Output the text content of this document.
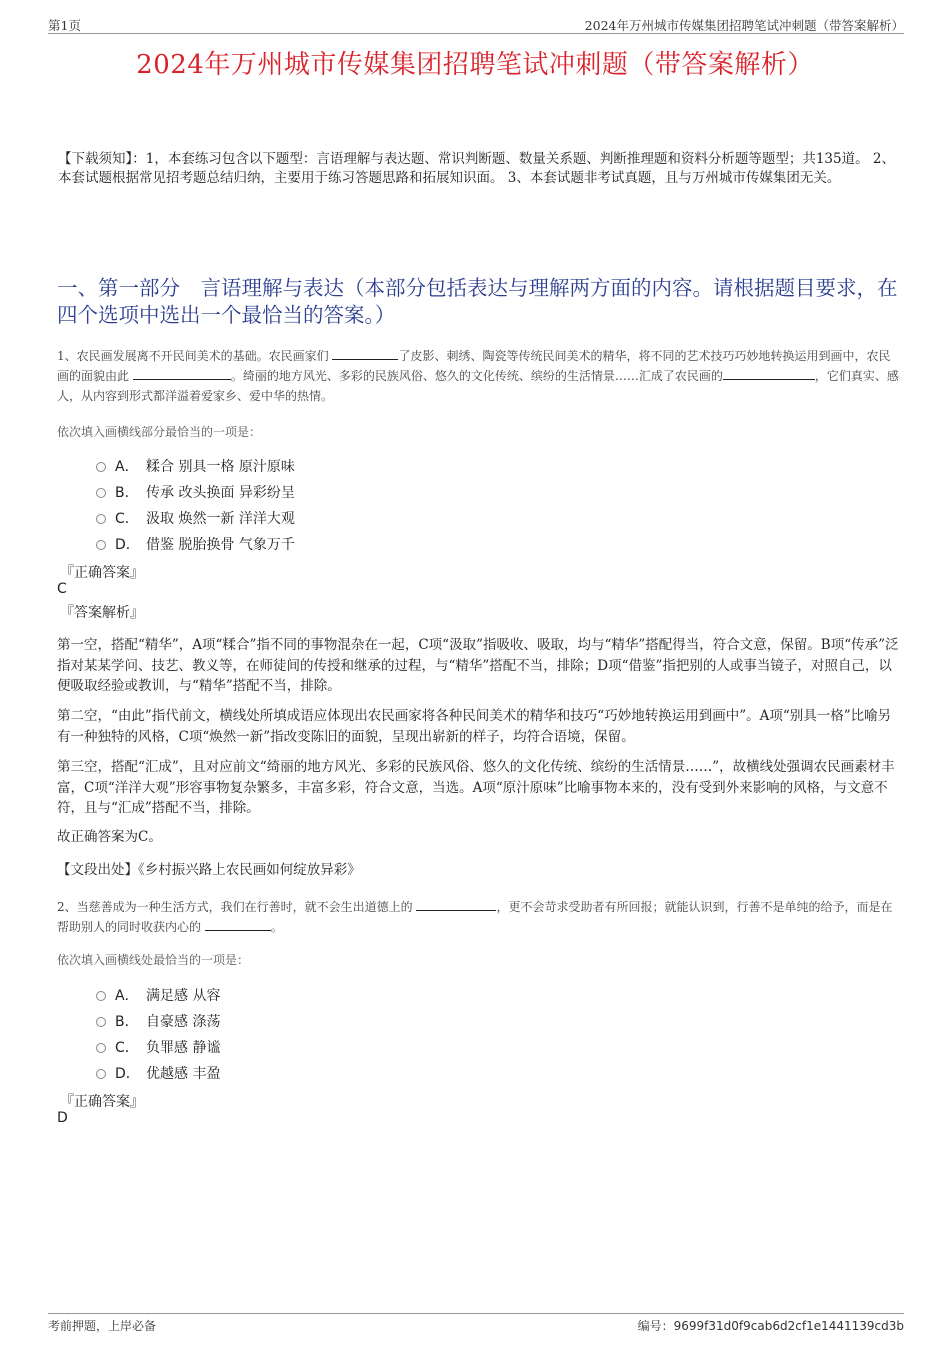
第1页	2024年万州城市传媒集团招聘笔试冲刺题（带答案解析）
2024年万州城市传媒集团招聘笔试冲刺题（带答案解析）
【下载须知】：1，本套练习包含以下题型：言语理解与表达题、常识判断题、数量关系题、判断推理题和资料分析题等题型；共135道。 2、本套试题根据常见招考题总结归纳，主要用于练习答题思路和拓展知识面。 3、本套试题非考试真题，且与万州城市传媒集团无关。
一、第一部分　言语理解与表达（本部分包括表达与理解两方面的内容。请根据题目要求，在四个选项中选出一个最恰当的答案。）
1、农民画发展离不开民间美术的基础。农民画家们	了皮影、刺绣、陶瓷等传统民间美术的精华，将不同的艺术技巧巧妙地转换运用到画中，农民画的面貌由此	。绮丽的地方风光、多彩的民族风俗、悠久的文化传统、缤纷的生活情景……汇成了农民画的	，它们真实、感人，从内容到形式都洋溢着爱家乡、爱中华的热情。
依次填入画横线部分最恰当的一项是：
A． 糅合 别具一格 原汁原味
B． 传承 改头换面 异彩纷呈
C． 汲取 焕然一新 洋洋大观
D． 借鉴 脱胎换骨 气象万千
『正确答案』
C
『答案解析』
第一空，搭配“精华”，A项“糅合”指不同的事物混杂在一起，C项“汲取”指吸收、吸取，均与“精华”搭配得当，符合文意，保留。B项“传承”泛指对某某学问、技艺、教义等，在师徒间的传授和继承的过程，与“精华”搭配不当，排除；D项“借鉴”指把别的人或事当镜子，对照自己，以便吸取经验或教训，与“精华”搭配不当，排除。
第二空，“由此”指代前文，横线处所填成语应体现出农民画家将各种民间美术的精华和技巧“巧妙地转换运用到画中”。A项“别具一格”比喻另有一种独特的风格，C项“焕然一新”指改变陈旧的面貌，呈现出崭新的样子，均符合语境，保留。
第三空，搭配“汇成”，且对应前文“绮丽的地方风光、多彩的民族风俗、悠久的文化传统、缤纷的生活情景……”，故横线处强调农民画素材丰富，C项“洋洋大观”形容事物复杂繁多，丰富多彩，符合文意，当选。A项“原汁原味”比喻事物本来的，没有受到外来影响的风格，与文意不符，且与“汇成”搭配不当，排除。
故正确答案为C。
【文段出处】《乡村振兴路上农民画如何绽放异彩》
2、当慈善成为一种生活方式，我们在行善时，就不会生出道德上的	，更不会苛求受助者有所回报；就能认识到，行善不是单纯的给予，而是在帮助别人的同时收获内心的	。
依次填入画横线处最恰当的一项是：
A． 满足感 从容
B． 自豪感 涤荡
C． 负罪感 静谧
D． 优越感 丰盈
『正确答案』
D
考前押题，上岸必备	编号：9699f31d0f9cab6d2cf1e1441139cd3b
